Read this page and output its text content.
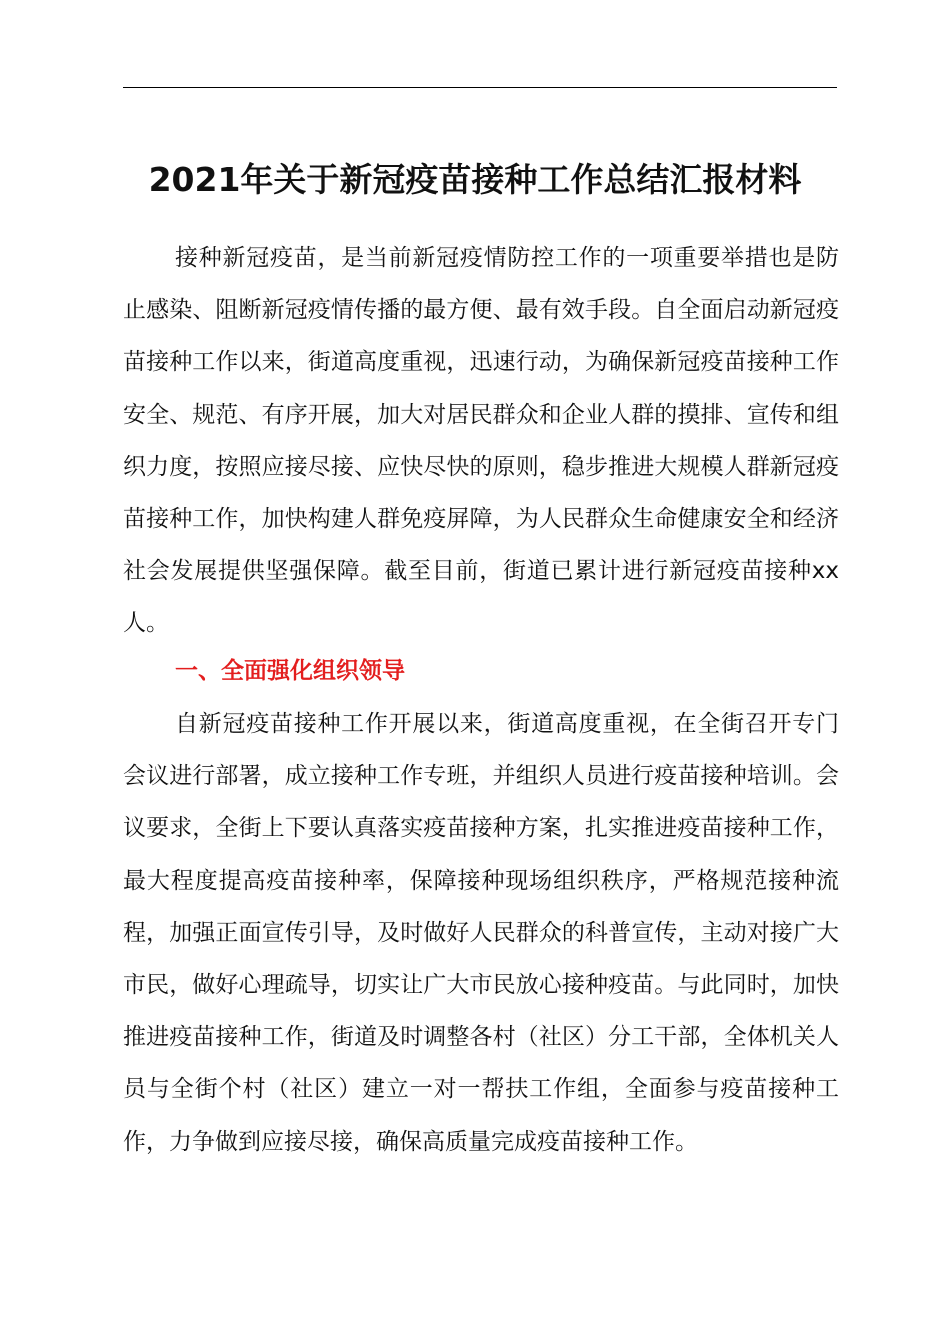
2021年关于新冠疫苗接种工作总结汇报材料

接种新冠疫苗，是当前新冠疫情防控工作的一项重要举措也是防止感染、阻断新冠疫情传播的最方便、最有效手段。自全面启动新冠疫苗接种工作以来，街道高度重视，迅速行动，为确保新冠疫苗接种工作安全、规范、有序开展，加大对居民群众和企业人群的摸排、宣传和组织力度，按照应接尽接、应快尽快的原则，稳步推进大规模人群新冠疫苗接种工作，加快构建人群免疫屏障，为人民群众生命健康安全和经济社会发展提供坚强保障。截至目前，街道已累计进行新冠疫苗接种xx人。

一、全面强化组织领导

自新冠疫苗接种工作开展以来，街道高度重视，在全街召开专门会议进行部署，成立接种工作专班，并组织人员进行疫苗接种培训。会议要求，全街上下要认真落实疫苗接种方案，扎实推进疫苗接种工作，最大程度提高疫苗接种率，保障接种现场组织秩序，严格规范接种流程，加强正面宣传引导，及时做好人民群众的科普宣传，主动对接广大市民，做好心理疏导，切实让广大市民放心接种疫苗。与此同时，加快推进疫苗接种工作，街道及时调整各村（社区）分工干部，全体机关人员与全街个村（社区）建立一对一帮扶工作组，全面参与疫苗接种工作，力争做到应接尽接，确保高质量完成疫苗接种工作。
